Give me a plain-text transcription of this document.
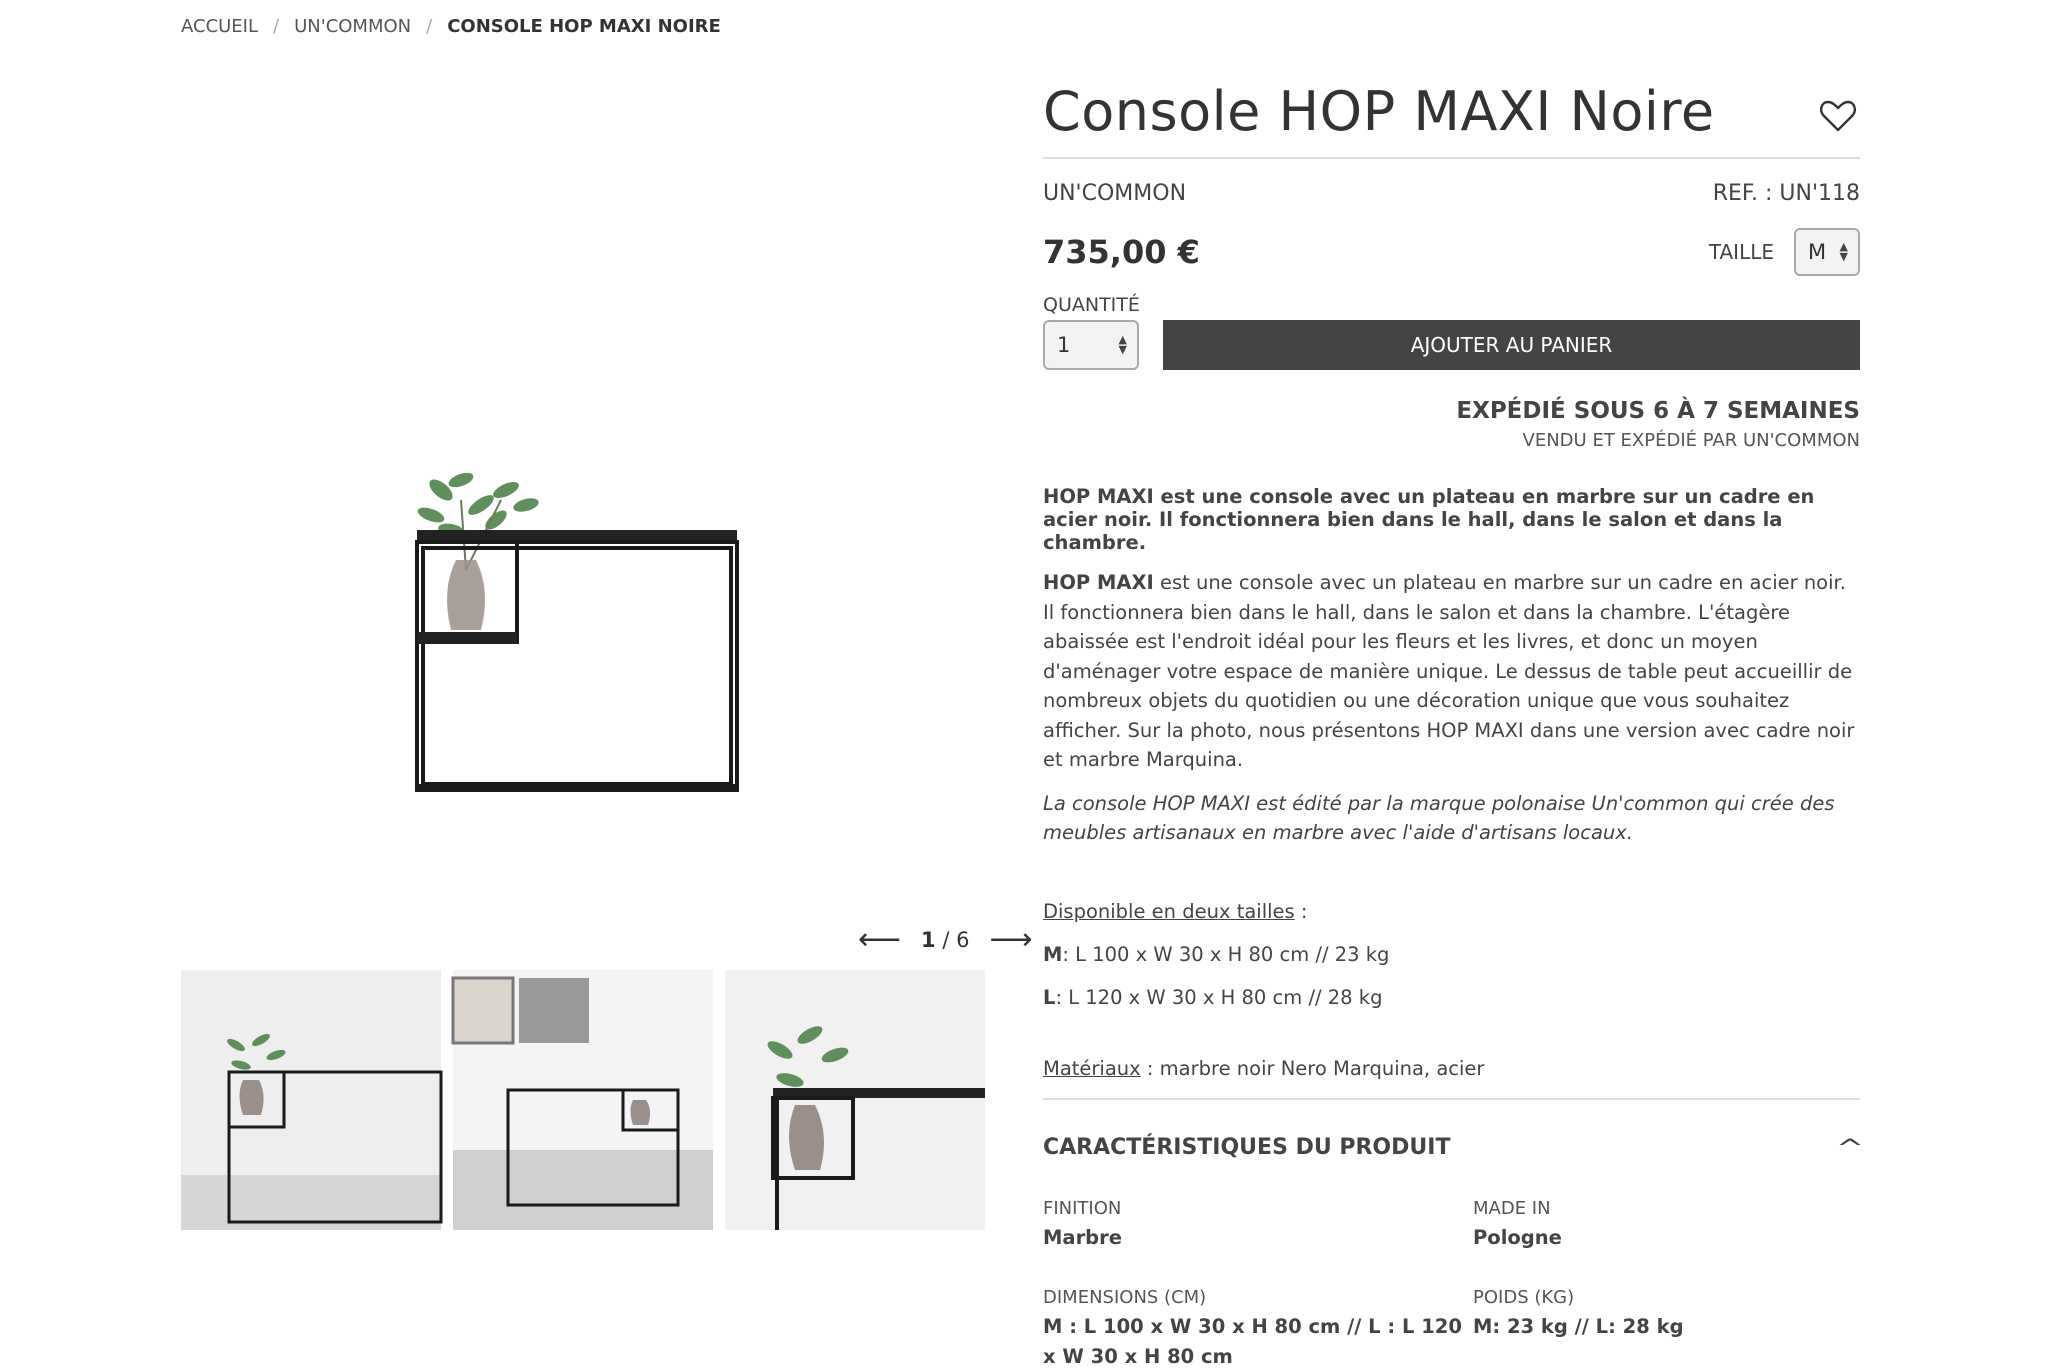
ACCUEIL / UN'COMMON / CONSOLE HOP MAXI NOIRE
⟵ 1 / 6 ⟶
Console HOP MAXI Noire
UN'COMMON	REF. : UN'118
735,00 €	TAILLE M ▲
▼
QUANTITÉ
1	▲
▼	AJOUTER AU PANIER
EXPÉDIÉ SOUS 6 À 7 SEMAINES
VENDU ET EXPÉDIÉ PAR UN'COMMON

HOP MAXI est une console avec un plateau en marbre sur un cadre en acier noir. Il fonctionnera bien dans le hall, dans le salon et dans la chambre.

HOP MAXI est une console avec un plateau en marbre sur un cadre en acier noir. Il fonctionnera bien dans le hall, dans le salon et dans la chambre. L'étagère abaissée est l'endroit idéal pour les fleurs et les livres, et donc un moyen d'aménager votre espace de manière unique. Le dessus de table peut accueillir de nombreux objets du quotidien ou une décoration unique que vous souhaitez afficher. Sur la photo, nous présentons HOP MAXI dans une version avec cadre noir et marbre Marquina.

La console HOP MAXI est édité par la marque polonaise Un'common qui crée des meubles artisanaux en marbre avec l'aide d'artisans locaux.

Disponible en deux tailles :

M: L 100 x W 30 x H 80 cm // 23 kg

L: L 120 x W 30 x H 80 cm // 28 kg

Matériaux : marbre noir Nero Marquina, acier
CARACTÉRISTIQUES DU PRODUIT	^
FINITION
Marbre
MADE IN
Pologne
DIMENSIONS (CM)
M : L 100 x W 30 x H 80 cm // L : L 120 x W 30 x H 80 cm
POIDS (KG)
M: 23 kg // L: 28 kg
